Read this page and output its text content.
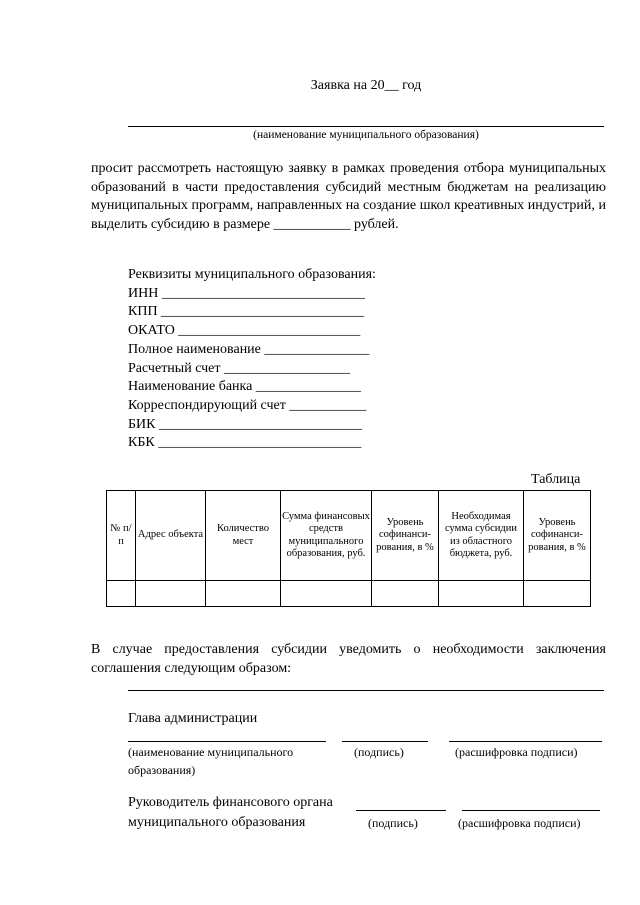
Заявка на 20__ год
(наименование муниципального образования)
просит рассмотреть настоящую заявку в рамках проведения отбора муниципальных образований в части предоставления субсидий местным бюджетам на реализацию муниципальных программ, направленных на создание школ креативных индустрий, и выделить субсидию в размере ___________ рублей.
Реквизиты муниципального образования:
ИНН _____________________________
КПП _____________________________
ОКАТО __________________________
Полное наименование _______________
Расчетный счет __________________
Наименование банка _______________
Корреспондирующий счет ___________
БИК _____________________________
КБК _____________________________
Таблица
№ п/п	Адрес объекта	Количество мест	Сумма финансовых средств муниципального образования, руб.	Уровень софинанси-рования, в %	Необходимая сумма субсидии из областного бюджета, руб.	Уровень софинанси-рования, в %

В случае предоставления субсидии уведомить о необходимости заключения соглашения следующим образом:
Глава администрации
(наименование муниципального	(подпись)	(расшифровка подписи)
образования)
Руководитель финансового органа
муниципального образования	(подпись)	(расшифровка подписи)
